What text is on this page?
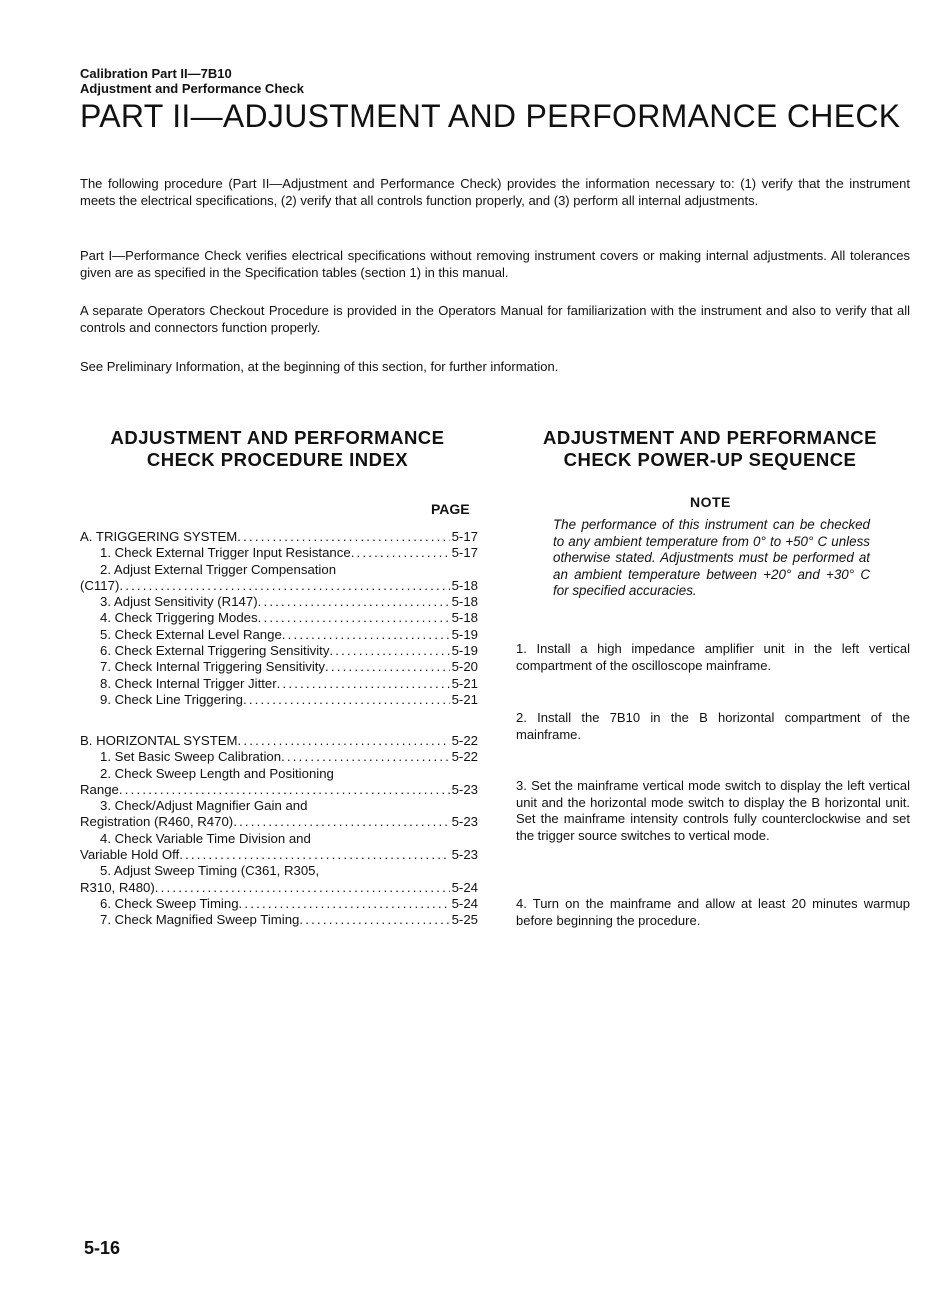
Calibration Part II—7B10
Adjustment and Performance Check
PART II—ADJUSTMENT AND PERFORMANCE CHECK

The following procedure (Part II—Adjustment and Performance Check) provides the information necessary to: (1) verify that the instrument meets the electrical specifications, (2) verify that all controls function properly, and (3) perform all internal adjustments.

Part I—Performance Check verifies electrical specifications without removing instrument covers or making internal adjustments. All tolerances given are as specified in the Specification tables (section 1) in this manual.

A separate Operators Checkout Procedure is provided in the Operators Manual for familiarization with the instrument and also to verify that all controls and connectors function properly.

See Preliminary Information, at the beginning of this section, for further information.

ADJUSTMENT AND PERFORMANCE
CHECK PROCEDURE INDEX
PAGE
A. TRIGGERING SYSTEM .....	5-17
1. Check External Trigger Input Resistance .....	5-17
2. Adjust External Trigger Compensation
(C117) .....	5-18
3. Adjust Sensitivity (R147) .....	5-18
4. Check Triggering Modes .....	5-18
5. Check External Level Range .....	5-19
6. Check External Triggering Sensitivity .....	5-19
7. Check Internal Triggering Sensitivity .....	5-20
8. Check Internal Trigger Jitter .....	5-21
9. Check Line Triggering .....	5-21
B. HORIZONTAL SYSTEM .....	5-22
1. Set Basic Sweep Calibration .....	5-22
2. Check Sweep Length and Positioning
Range .....	5-23
3. Check/Adjust Magnifier Gain and
Registration (R460, R470) .....	5-23
4. Check Variable Time Division and
Variable Hold Off .....	5-23
5. Adjust Sweep Timing (C361, R305,
R310, R480) .....	5-24
6. Check Sweep Timing .....	5-24
7. Check Magnified Sweep Timing .....	5-25
ADJUSTMENT AND PERFORMANCE
CHECK POWER-UP SEQUENCE
NOTE

The performance of this instrument can be checked to any ambient temperature from 0° to +50° C unless otherwise stated. Adjustments must be performed at an ambient temperature between +20° and +30° C for specified accuracies.

1. Install a high impedance amplifier unit in the left vertical compartment of the oscilloscope mainframe.

2. Install the 7B10 in the B horizontal compartment of the mainframe.

3. Set the mainframe vertical mode switch to display the left vertical unit and the horizontal mode switch to display the B horizontal unit. Set the mainframe intensity controls fully counterclockwise and set the trigger source switches to vertical mode.

4. Turn on the mainframe and allow at least 20 minutes warmup before beginning the procedure.

5-16
